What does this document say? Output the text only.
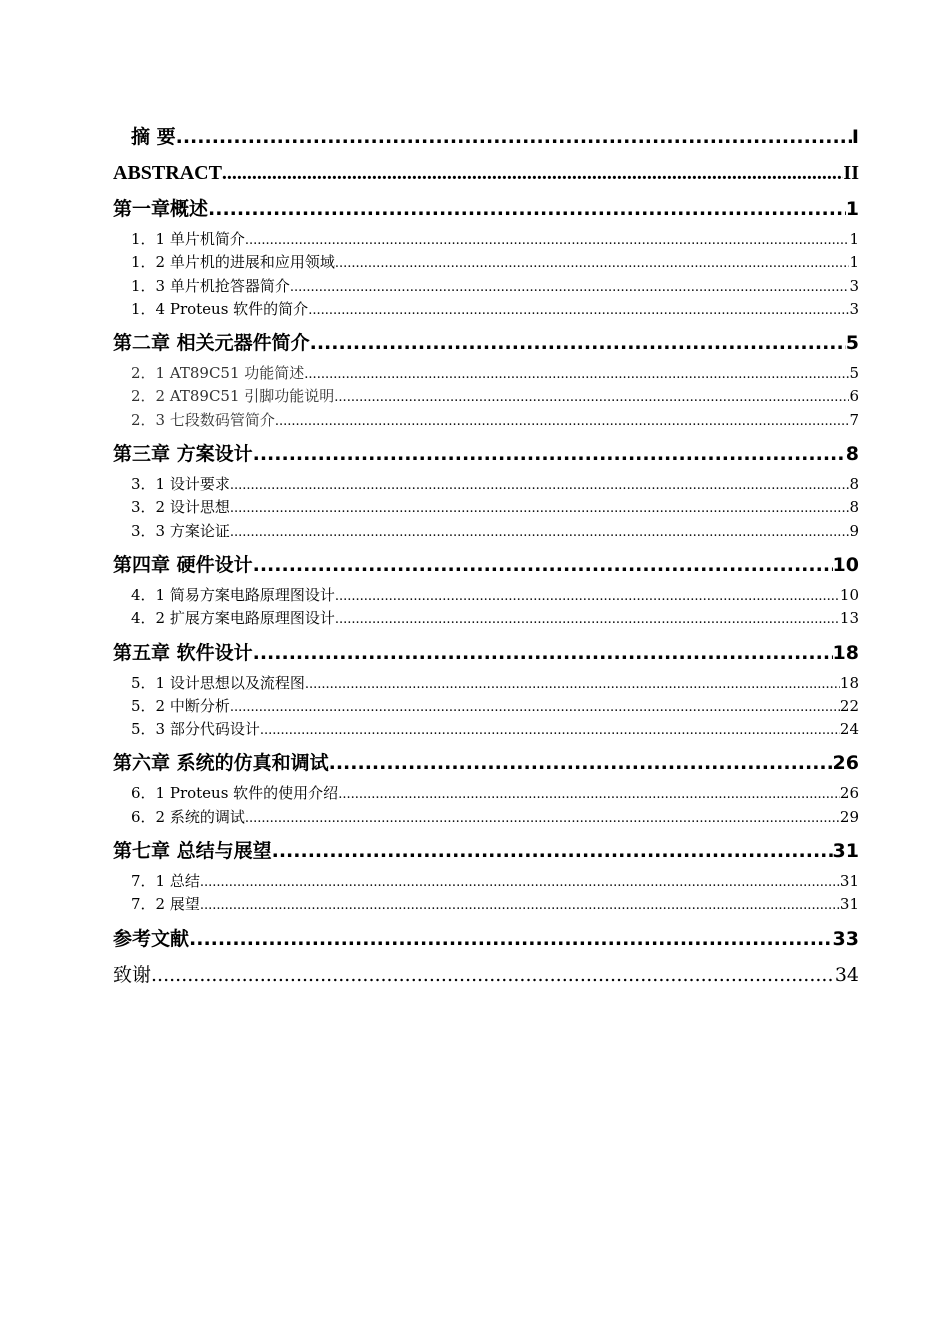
摘 要 .....	I
ABSTRACT .....	II
第一章概述 .....	1
1．1 单片机简介 .....	1
1．2 单片机的进展和应用领域 .....	1
1．3 单片机抢答器简介 .....	3
1．4 Proteus 软件的简介 .....	3
第二章 相关元器件简介 .....	5
2．1 AT89C51 功能简述 .....	5
2．2 AT89C51 引脚功能说明 .....	6
2．3 七段数码管简介 .....	7
第三章 方案设计 .....	8
3．1 设计要求 .....	8
3．2 设计思想 .....	8
3．3 方案论证 .....	9
第四章 硬件设计 .....	10
4．1 简易方案电路原理图设计 .....	10
4．2 扩展方案电路原理图设计 .....	13
第五章 软件设计 .....	18
5．1 设计思想以及流程图 .....	18
5．2 中断分析 .....	22
5．3 部分代码设计 .....	24
第六章 系统的仿真和调试 .....	26
6．1 Proteus 软件的使用介绍 .....	26
6．2 系统的调试 .....	29
第七章 总结与展望 .....	31
7．1 总结 .....	31
7．2 展望 .....	31
参考文献 .....	33
致谢 .....	34
